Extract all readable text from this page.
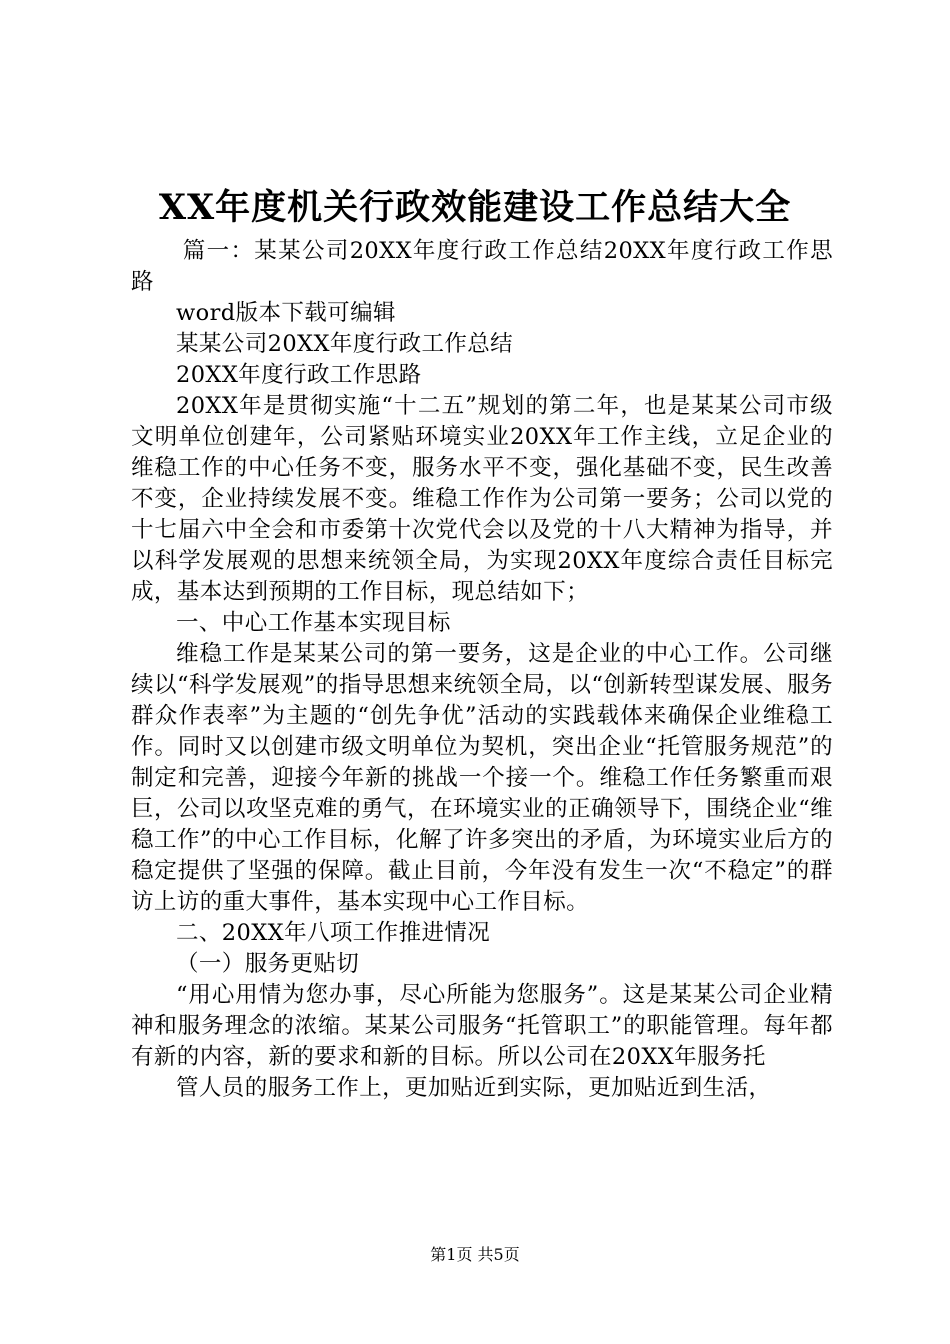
XX年度机关行政效能建设工作总结大全

篇一：某某公司20XX年度行政工作总结20XX年度行政工作思路

word版本下载可编辑

某某公司20XX年度行政工作总结

20XX年度行政工作思路

20XX年是贯彻实施“十二五”规划的第二年，也是某某公司市级文明单位创建年，公司紧贴环境实业20XX年工作主线，立足企业的维稳工作的中心任务不变，服务水平不变，强化基础不变，民生改善不变，企业持续发展不变。维稳工作作为公司第一要务；公司以党的十七届六中全会和市委第十次党代会以及党的十八大精神为指导，并以科学发展观的思想来统领全局，为实现20XX年度综合责任目标完成，基本达到预期的工作目标，现总结如下；

一、中心工作基本实现目标

维稳工作是某某公司的第一要务，这是企业的中心工作。公司继续以“科学发展观”的指导思想来统领全局，以“创新转型谋发展、服务群众作表率”为主题的“创先争优”活动的实践载体来确保企业维稳工作。同时又以创建市级文明单位为契机，突出企业“托管服务规范”的制定和完善，迎接今年新的挑战一个接一个。维稳工作任务繁重而艰巨，公司以攻坚克难的勇气，在环境实业的正确领导下，围绕企业“维稳工作”的中心工作目标，化解了许多突出的矛盾，为环境实业后方的稳定提供了坚强的保障。截止目前，今年没有发生一次“不稳定”的群访上访的重大事件，基本实现中心工作目标。

二、20XX年八项工作推进情况

（一）服务更贴切

“用心用情为您办事，尽心所能为您服务”。这是某某公司企业精神和服务理念的浓缩。某某公司服务“托管职工”的职能管理。每年都有新的内容，新的要求和新的目标。所以公司在20XX年服务托

管人员的服务工作上，更加贴近到实际，更加贴近到生活，

第1页 共5页
